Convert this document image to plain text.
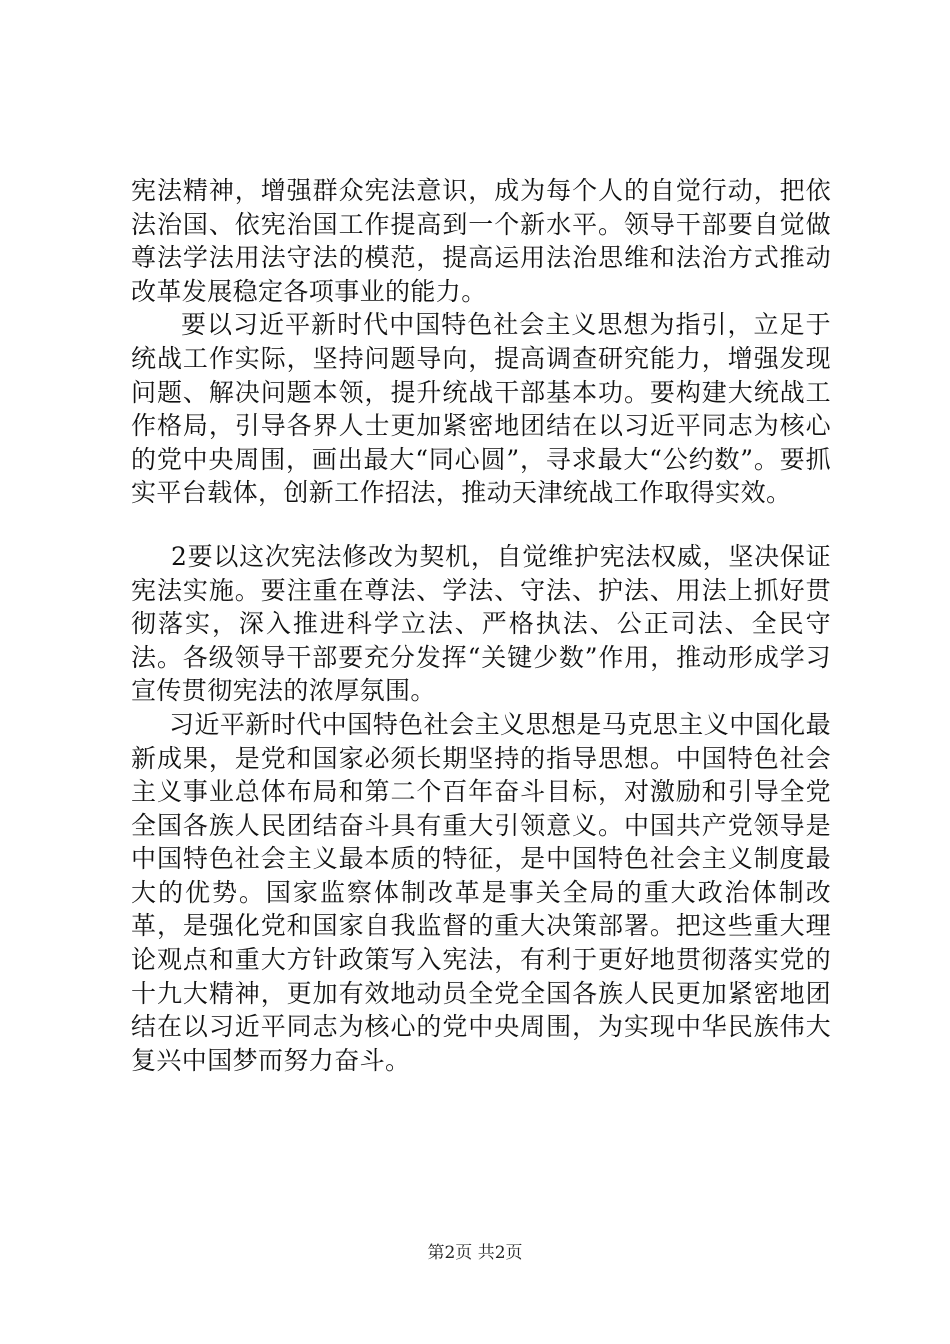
宪法精神，增强群众宪法意识，成为每个人的自觉行动，把依法治国、依宪治国工作提高到一个新水平。领导干部要自觉做尊法学法用法守法的模范，提高运用法治思维和法治方式推动改革发展稳定各项事业的能力。

要以习近平新时代中国特色社会主义思想为指引，立足于统战工作实际，坚持问题导向，提高调查研究能力，增强发现问题、解决问题本领，提升统战干部基本功。要构建大统战工作格局，引导各界人士更加紧密地团结在以习近平同志为核心的党中央周围，画出最大“同心圆”，寻求最大“公约数”。要抓实平台载体，创新工作招法，推动天津统战工作取得实效。

2要以这次宪法修改为契机，自觉维护宪法权威，坚决保证宪法实施。要注重在尊法、学法、守法、护法、用法上抓好贯彻落实，深入推进科学立法、严格执法、公正司法、全民守法。各级领导干部要充分发挥“关键少数”作用，推动形成学习宣传贯彻宪法的浓厚氛围。

习近平新时代中国特色社会主义思想是马克思主义中国化最新成果，是党和国家必须长期坚持的指导思想。中国特色社会主义事业总体布局和第二个百年奋斗目标，对激励和引导全党全国各族人民团结奋斗具有重大引领意义。中国共产党领导是中国特色社会主义最本质的特征，是中国特色社会主义制度最大的优势。国家监察体制改革是事关全局的重大政治体制改革，是强化党和国家自我监督的重大决策部署。把这些重大理论观点和重大方针政策写入宪法，有利于更好地贯彻落实党的十九大精神，更加有效地动员全党全国各族人民更加紧密地团结在以习近平同志为核心的党中央周围，为实现中华民族伟大复兴中国梦而努力奋斗。

第2页 共2页
